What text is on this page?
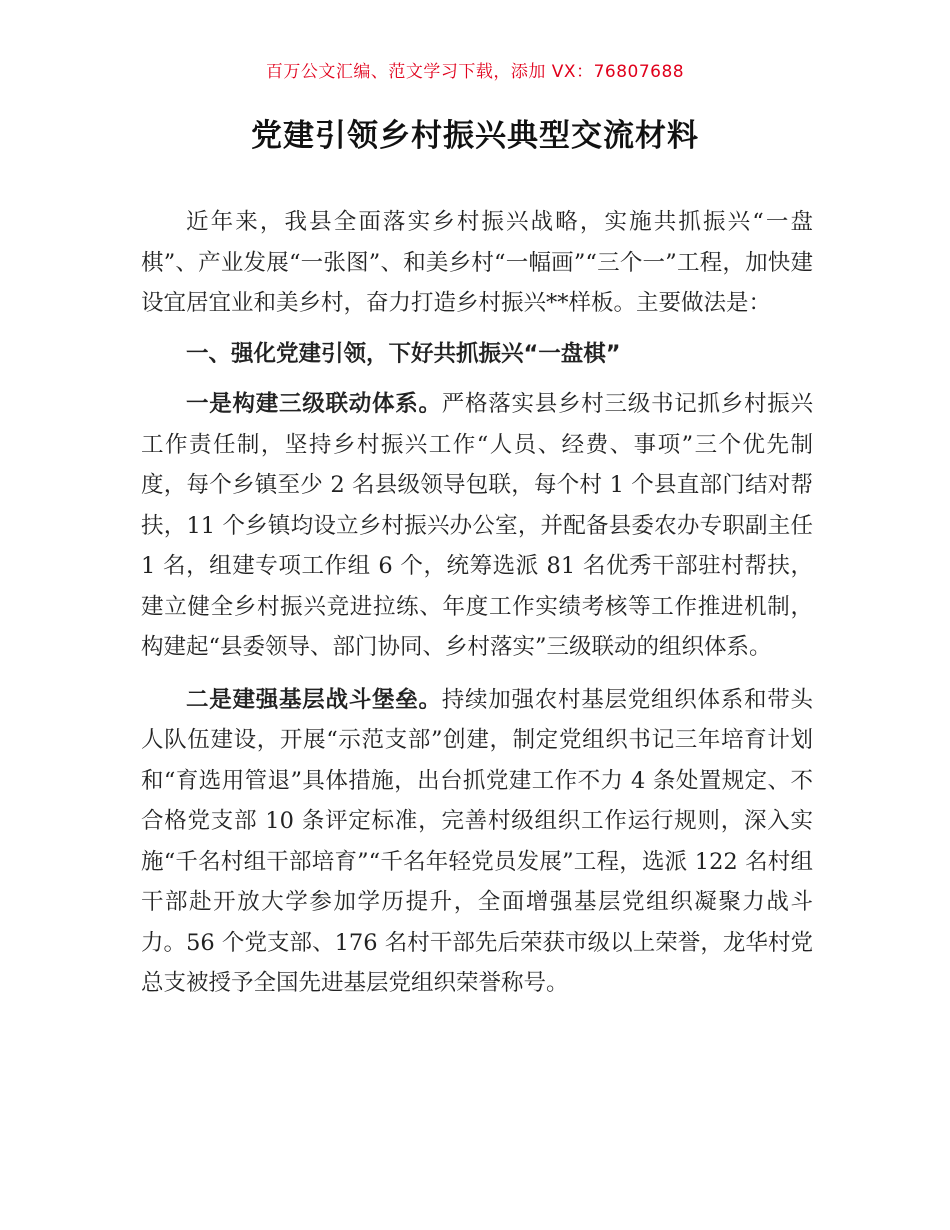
百万公文汇编、范文学习下载，添加 VX：76807688
党建引领乡村振兴典型交流材料

近年来，我县全面落实乡村振兴战略，实施共抓振兴“一盘棋”、产业发展“一张图”、和美乡村“一幅画”“三个一”工程，加快建设宜居宜业和美乡村，奋力打造乡村振兴**样板。主要做法是：

一、强化党建引领，下好共抓振兴“一盘棋”

一是构建三级联动体系。严格落实县乡村三级书记抓乡村振兴工作责任制，坚持乡村振兴工作“人员、经费、事项”三个优先制度，每个乡镇至少 2 名县级领导包联，每个村 1 个县直部门结对帮扶，11 个乡镇均设立乡村振兴办公室，并配备县委农办专职副主任 1 名，组建专项工作组 6 个，统筹选派 81 名优秀干部驻村帮扶，建立健全乡村振兴竞进拉练、年度工作实绩考核等工作推进机制，构建起“县委领导、部门协同、乡村落实”三级联动的组织体系。

二是建强基层战斗堡垒。持续加强农村基层党组织体系和带头人队伍建设，开展“示范支部”创建，制定党组织书记三年培育计划和“育选用管退”具体措施，出台抓党建工作不力 4 条处置规定、不合格党支部 10 条评定标准，完善村级组织工作运行规则，深入实施“千名村组干部培育”“千名年轻党员发展”工程，选派 122 名村组干部赴开放大学参加学历提升，全面增强基层党组织凝聚力战斗力。56 个党支部、176 名村干部先后荣获市级以上荣誉，龙华村党总支被授予全国先进基层党组织荣誉称号。
